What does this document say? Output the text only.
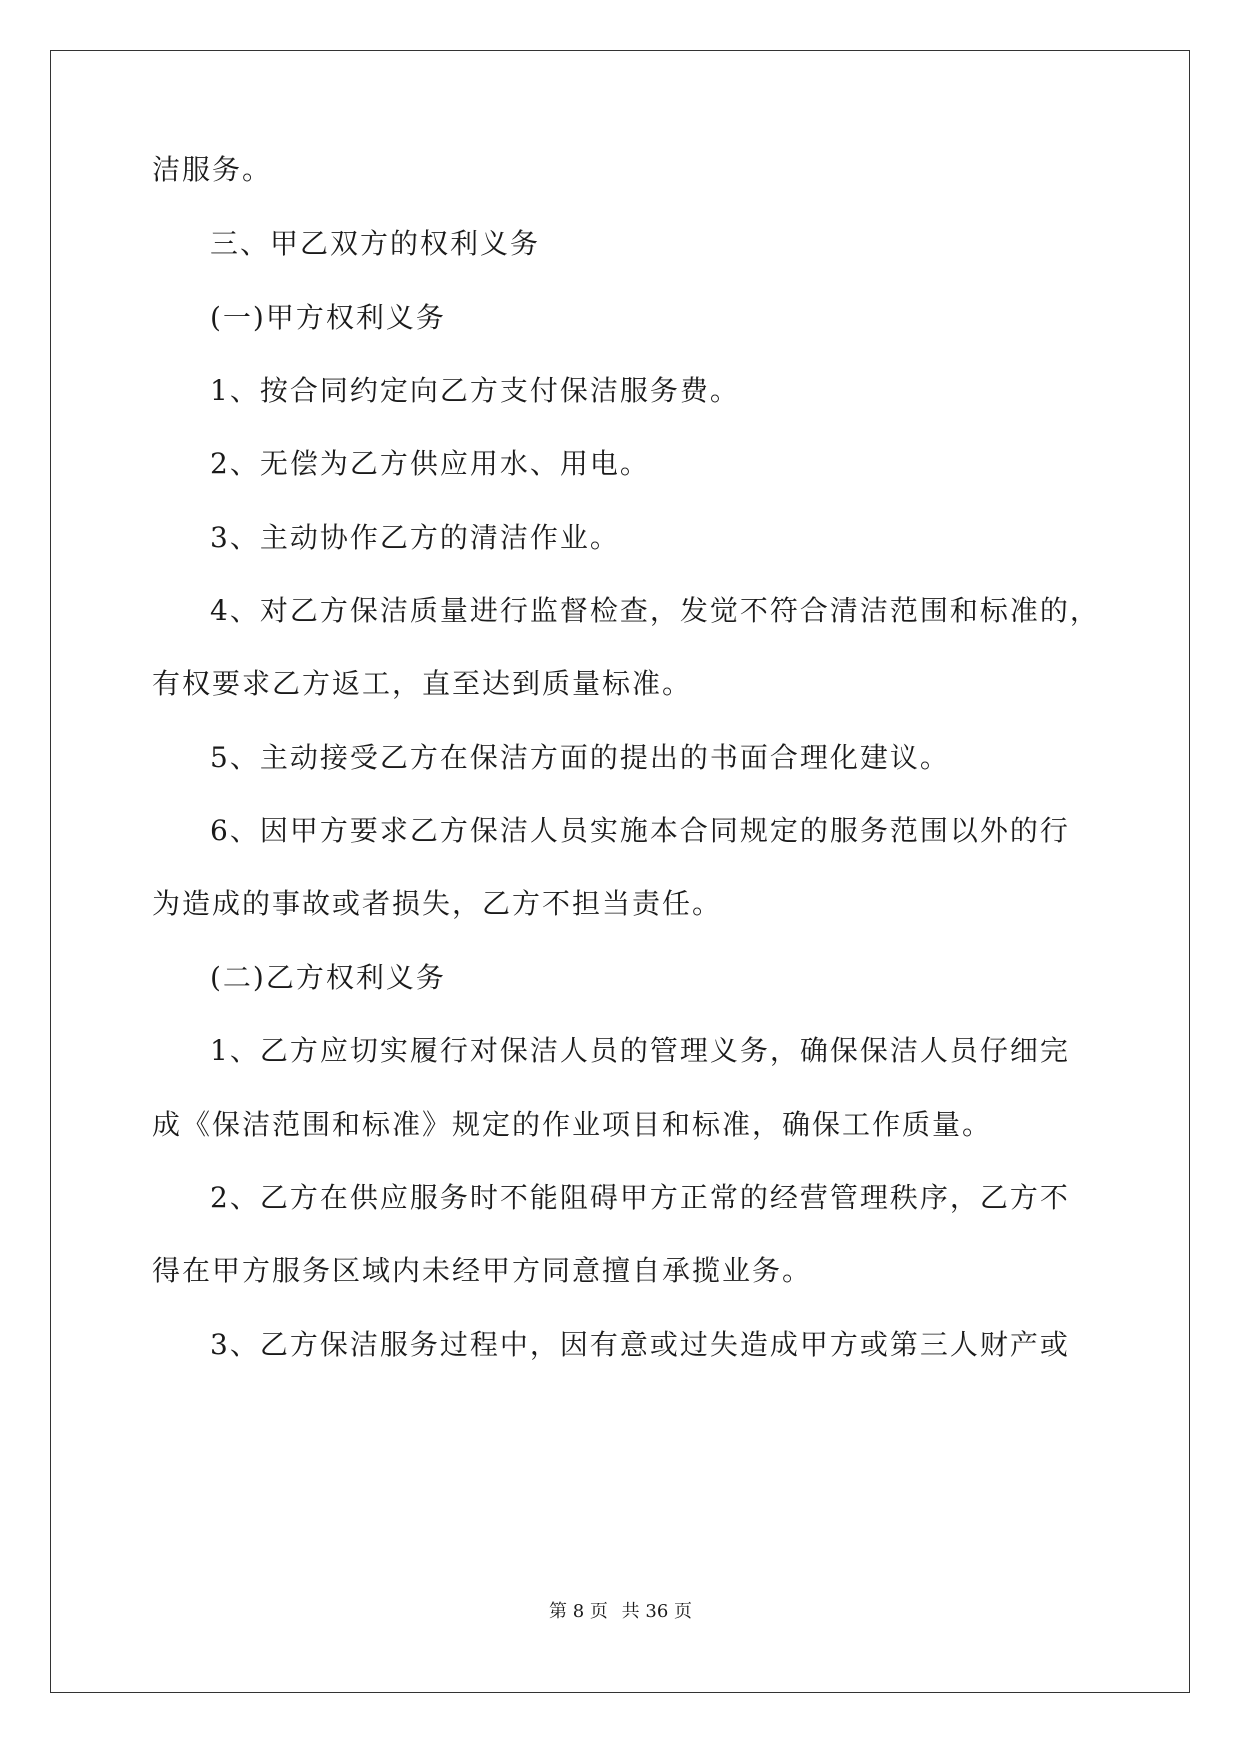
洁服务。
三、甲乙双方的权利义务
(一)甲方权利义务
1、按合同约定向乙方支付保洁服务费。
2、无偿为乙方供应用水、用电。
3、主动协作乙方的清洁作业。
4、对乙方保洁质量进行监督检查，发觉不符合清洁范围和标准的，
有权要求乙方返工，直至达到质量标准。
5、主动接受乙方在保洁方面的提出的书面合理化建议。
6、因甲方要求乙方保洁人员实施本合同规定的服务范围以外的行
为造成的事故或者损失，乙方不担当责任。
(二)乙方权利义务
1、乙方应切实履行对保洁人员的管理义务，确保保洁人员仔细完
成《保洁范围和标准》规定的作业项目和标准，确保工作质量。
2、乙方在供应服务时不能阻碍甲方正常的经营管理秩序，乙方不
得在甲方服务区域内未经甲方同意擅自承揽业务。
3、乙方保洁服务过程中，因有意或过失造成甲方或第三人财产或
第 8 页 共 36 页
